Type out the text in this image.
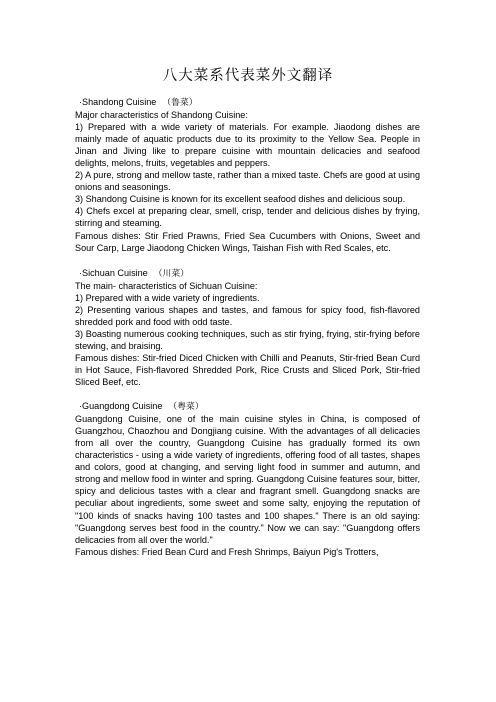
八大菜系代表菜外文翻译

·Shandong Cuisine （鲁菜）

Major characteristics of Shandong Cuisine:

1) Prepared with a wide variety of materials. For example. Jiaodong dishes are mainly made of aquatic products due to its proximity to the Yellow Sea. People in Jinan and Jiving like to prepare cuisine with mountain delicacies and seafood delights, melons, fruits, vegetables and peppers.

2) A pure, strong and mellow taste, rather than a mixed taste. Chefs are good at using onions and seasonings.

3) Shandong Cuisine is known for its excellent seafood dishes and delicious soup.

4) Chefs excel at preparing clear, smell, crisp, tender and delicious dishes by frying, stirring and steaming.

Famous dishes: Stir Fried Prawns, Fried Sea Cucumbers with Onions, Sweet and Sour Carp, Large Jiaodong Chicken Wings, Taishan Fish with Red Scales, etc.

·Sichuan Cuisine （川菜）

The main- characteristics of Sichuan Cuisine:

1) Prepared with a wide variety of ingredients.

2) Presenting various shapes and tastes, and famous for spicy food, fish-flavored shredded pork and food with odd taste.

3) Boasting numerous cooking techniques, such as stir frying, frying, stir-frying before stewing, and braising.

Famous dishes: Stir-fried Diced Chicken with Chilli and Peanuts, Stir-fried Bean Curd in Hot Sauce, Fish-flavored Shredded Pork, Rice Crusts and Sliced Pork, Stir-fried Sliced Beef, etc.

·Guangdong Cuisine （粤菜）

Guangdong Cuisine, one of the main cuisine styles in China, is composed of Guangzhou, Chaozhou and Dongjiang cuisine. With the advantages of all delicacies from all over the country, Guangdong Cuisine has gradually formed its own characteristics - using a wide variety of ingredients, offering food of all tastes, shapes and colors, good at changing, and serving light food in summer and autumn, and strong and mellow food in winter and spring. Guangdong Cuisine features sour, bitter, spicy and delicious tastes with a clear and fragrant smell. Guangdong snacks are peculiar about ingredients, some sweet and some salty, enjoying the reputation of "100 kinds of snacks having 100 tastes and 100 shapes." There is an old saying: "Guangdong serves best food in the country." Now we can say: "Guangdong offers delicacies from all over the world."

Famous dishes: Fried Bean Curd and Fresh Shrimps, Baiyun Pig's Trotters,
